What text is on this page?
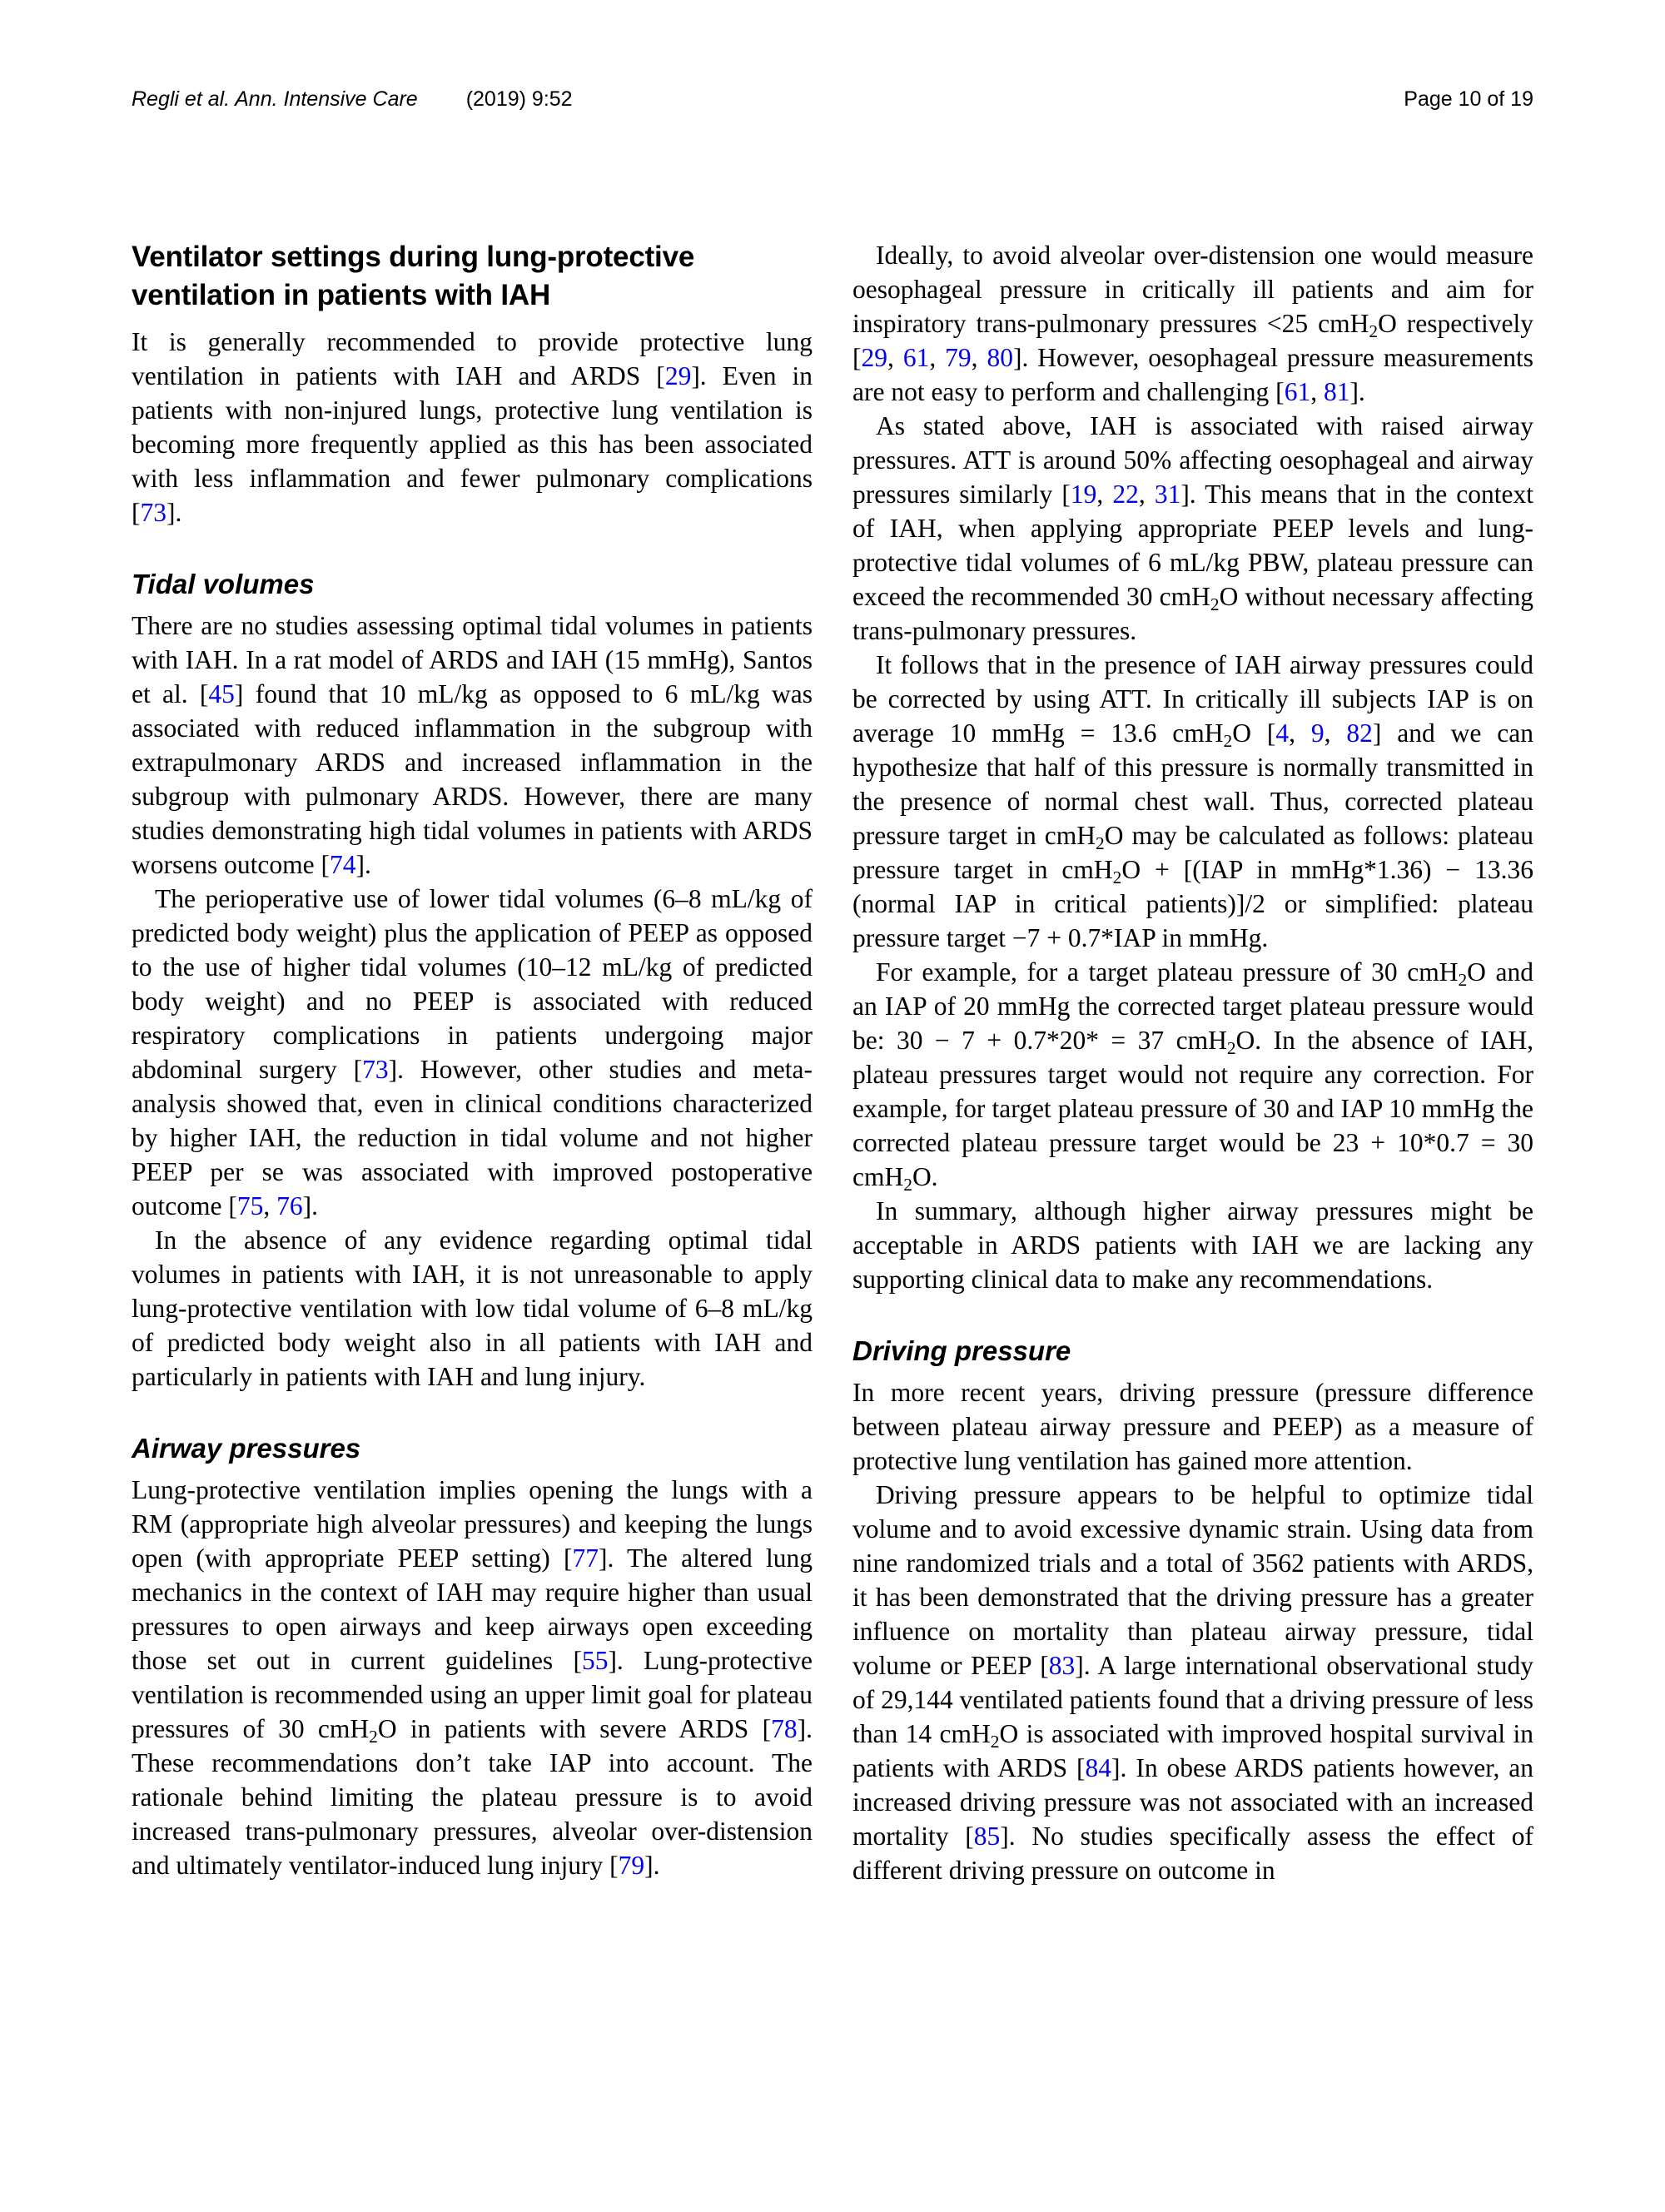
Regli et al. Ann. Intensive Care (2019) 9:52	Page 10 of 19
Ventilator settings during lung-protective ventilation in patients with IAH

It is generally recommended to provide protective lung ventilation in patients with IAH and ARDS [29]. Even in patients with non-injured lungs, protective lung ventilation is becoming more frequently applied as this has been associated with less inflammation and fewer pulmonary complications [73].

Tidal volumes

There are no studies assessing optimal tidal volumes in patients with IAH. In a rat model of ARDS and IAH (15 mmHg), Santos et al. [45] found that 10 mL/kg as opposed to 6 mL/kg was associated with reduced inflammation in the subgroup with extrapulmonary ARDS and increased inflammation in the subgroup with pulmonary ARDS. However, there are many studies demonstrating high tidal volumes in patients with ARDS worsens outcome [74].

The perioperative use of lower tidal volumes (6–8 mL/kg of predicted body weight) plus the application of PEEP as opposed to the use of higher tidal volumes (10–12 mL/kg of predicted body weight) and no PEEP is associated with reduced respiratory complications in patients undergoing major abdominal surgery [73]. However, other studies and meta-analysis showed that, even in clinical conditions characterized by higher IAH, the reduction in tidal volume and not higher PEEP per se was associated with improved postoperative outcome [75, 76].

In the absence of any evidence regarding optimal tidal volumes in patients with IAH, it is not unreasonable to apply lung-protective ventilation with low tidal volume of 6–8 mL/kg of predicted body weight also in all patients with IAH and particularly in patients with IAH and lung injury.

Airway pressures

Lung-protective ventilation implies opening the lungs with a RM (appropriate high alveolar pressures) and keeping the lungs open (with appropriate PEEP setting) [77]. The altered lung mechanics in the context of IAH may require higher than usual pressures to open airways and keep airways open exceeding those set out in current guidelines [55]. Lung-protective ventilation is recommended using an upper limit goal for plateau pressures of 30 cmH$_2$O in patients with severe ARDS [78]. These recommendations don’t take IAP into account. The rationale behind limiting the plateau pressure is to avoid increased trans-pulmonary pressures, alveolar over-distension and ultimately ventilator-induced lung injury [79].

Ideally, to avoid alveolar over-distension one would measure oesophageal pressure in critically ill patients and aim for inspiratory trans-pulmonary pressures <25 cmH$_2$O respectively [29, 61, 79, 80]. However, oesophageal pressure measurements are not easy to perform and challenging [61, 81].

As stated above, IAH is associated with raised airway pressures. ATT is around 50% affecting oesophageal and airway pressures similarly [19, 22, 31]. This means that in the context of IAH, when applying appropriate PEEP levels and lung-protective tidal volumes of 6 mL/kg PBW, plateau pressure can exceed the recommended 30 cmH$_2$O without necessary affecting trans-pulmonary pressures.

It follows that in the presence of IAH airway pressures could be corrected by using ATT. In critically ill subjects IAP is on average 10 mmHg = 13.6 cmH$_2$O [4, 9, 82] and we can hypothesize that half of this pressure is normally transmitted in the presence of normal chest wall. Thus, corrected plateau pressure target in cmH$_2$O may be calculated as follows: plateau pressure target in cmH$_2$O + [(IAP in mmHg*1.36) − 13.36 (normal IAP in critical patients)]/2 or simplified: plateau pressure target −7 + 0.7*IAP in mmHg.

For example, for a target plateau pressure of 30 cmH$_2$O and an IAP of 20 mmHg the corrected target plateau pressure would be: 30 − 7 + 0.7*20* = 37 cmH$_2$O. In the absence of IAH, plateau pressures target would not require any correction. For example, for target plateau pressure of 30 and IAP 10 mmHg the corrected plateau pressure target would be 23 + 10*0.7 = 30 cmH$_2$O.

In summary, although higher airway pressures might be acceptable in ARDS patients with IAH we are lacking any supporting clinical data to make any recommendations.

Driving pressure

In more recent years, driving pressure (pressure difference between plateau airway pressure and PEEP) as a measure of protective lung ventilation has gained more attention.

Driving pressure appears to be helpful to optimize tidal volume and to avoid excessive dynamic strain. Using data from nine randomized trials and a total of 3562 patients with ARDS, it has been demonstrated that the driving pressure has a greater influence on mortality than plateau airway pressure, tidal volume or PEEP [83]. A large international observational study of 29,144 ventilated patients found that a driving pressure of less than 14 cmH$_2$O is associated with improved hospital survival in patients with ARDS [84]. In obese ARDS patients however, an increased driving pressure was not associated with an increased mortality [85]. No studies specifically assess the effect of different driving pressure on outcome in
